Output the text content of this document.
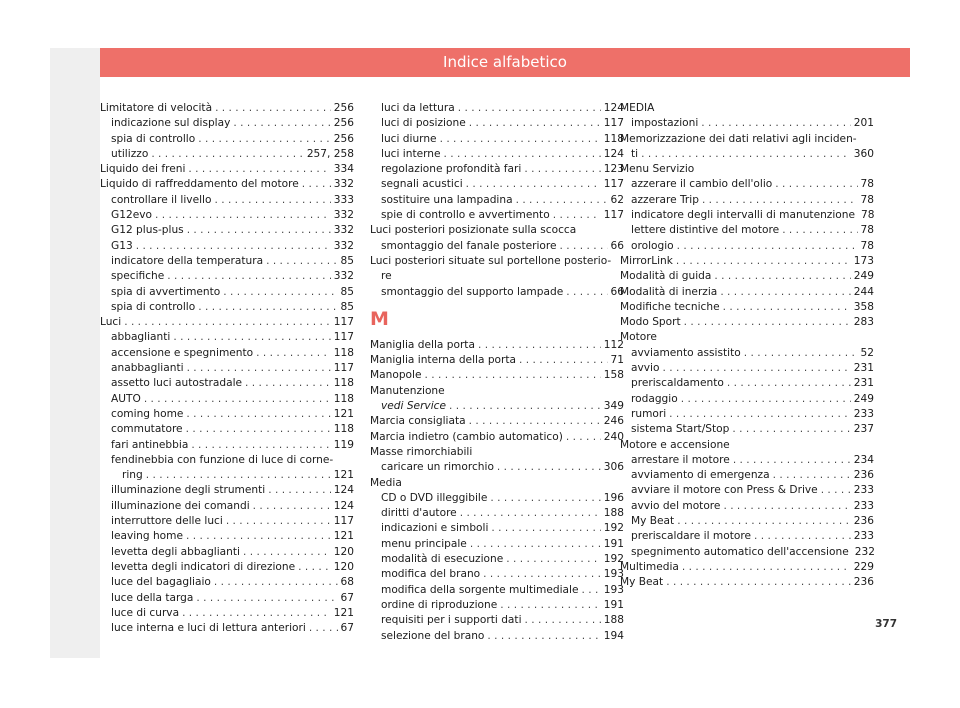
Indice alfabetico
Limitatore di velocità . . .	256
indicazione sul display . . .	256
spia di controllo . . .	256
utilizzo . . .	257, 258
Liquido dei freni . . .	334
Liquido di raffreddamento del motore . . .	332
controllare il livello . . .	333
G12evo . . .	332
G12 plus-plus . . .	332
G13 . . .	332
indicatore della temperatura . . .	85
specifiche . . .	332
spia di avvertimento . . .	85
spia di controllo . . .	85
Luci . . .	117
abbaglianti . . .	117
accensione e spegnimento . . .	118
anabbaglianti . . .	117
assetto luci autostradale . . .	118
AUTO . . .	118
coming home . . .	121
commutatore . . .	118
fari antinebbia . . .	119
fendinebbia con funzione di luce di corne-
ring . . .	121
illuminazione degli strumenti . . .	124
illuminazione dei comandi . . .	124
interruttore delle luci . . .	117
leaving home . . .	121
levetta degli abbaglianti . . .	120
levetta degli indicatori di direzione . . .	120
luce del bagagliaio . . .	68
luce della targa . . .	67
luce di curva . . .	121
luce interna e luci di lettura anteriori . . .	67
luci da lettura . . .	124
luci di posizione . . .	117
luci diurne . . .	118
luci interne . . .	124
regolazione profondità fari . . .	123
segnali acustici . . .	117
sostituire una lampadina . . .	62
spie di controllo e avvertimento . . .	117
Luci posteriori posizionate sulla scocca
smontaggio del fanale posteriore . . .	66
Luci posteriori situate sul portellone posterio-
re
smontaggio del supporto lampade . . .	66
M
Maniglia della porta . . .	112
Maniglia interna della porta . . .	71
Manopole . . .	158
Manutenzione
vedi Service . . .	349
Marcia consigliata . . .	246
Marcia indietro (cambio automatico) . . .	240
Masse rimorchiabili
caricare un rimorchio . . .	306
Media
CD o DVD illeggibile . . .	196
diritti d'autore . . .	188
indicazioni e simboli . . .	192
menu principale . . .	191
modalità di esecuzione . . .	192
modifica del brano . . .	193
modifica della sorgente multimediale . . . 193
ordine di riproduzione . . .	191
requisiti per i supporti dati . . .	188
selezione del brano . . .	194
MEDIA
impostazioni . . .	201
Memorizzazione dei dati relativi agli inciden-
ti . . .	360
Menu Servizio
azzerare il cambio dell'olio . . .	78
azzerare Trip . . .	78
indicatore degli intervalli di manutenzione 78
lettere distintive del motore . . .	78
orologio . . .	78
MirrorLink . . .	173
Modalità di guida . . .	249
Modalità di inerzia . . .	244
Modifiche tecniche . . .	358
Modo Sport . . .	283
Motore
avviamento assistito . . .	52
avvio . . .	231
preriscaldamento . . .	231
rodaggio . . .	249
rumori . . .	233
sistema Start/Stop . . .	237
Motore e accensione
arrestare il motore . . .	234
avviamento di emergenza . . .	236
avviare il motore con Press & Drive . . .	233
avvio del motore . . .	233
My Beat . . .	236
preriscaldare il motore . . .	233
spegnimento automatico dell'accensione 232
Multimedia . . .	229
My Beat . . .	236
377
